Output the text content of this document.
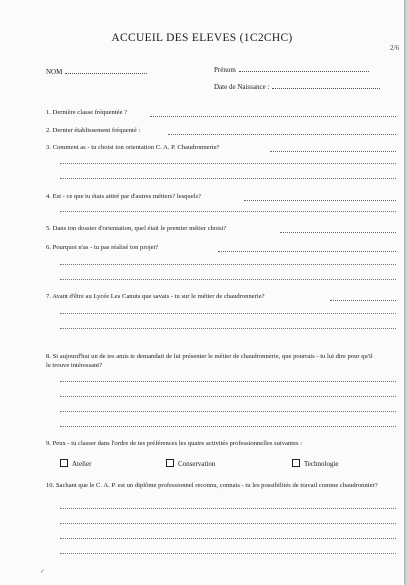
ACCUEIL DES ELEVES (1C2CHC)
2/6
NOM	Prénom
Date de Naissance :
1. Dernière classe fréquentée ?
2. Dernier établissement fréquenté :
3. Comment as - tu choisi ton orientation C. A. P. Chaudronnerie?
4. Est - ce que tu étais attiré par d'autres métiers? lesquels?
5. Dans ton dossier d'orientation, quel était le premier métier choisi?
6. Pourquoi n'as - tu pas réalisé ton projet?
7. Avant d'être au Lycée Les Canuts que savais - tu sur le métier de chaudronnerie?
8. Si aujourd'hui un de tes amis te demandait de lui présenter le métier de chaudronnerie, que pourrais - tu lui dire pour qu'il le trouve intéressant?
9. Peux - tu classer dans l'ordre de tes préférences les quatre activités professionnelles suivantes :
Atelier	Conservation	Technologie
10. Sachant que le C. A. P. est un diplôme professionnel reconnu, connais - tu les possibilités de travail comme chaudronnier?
✓
